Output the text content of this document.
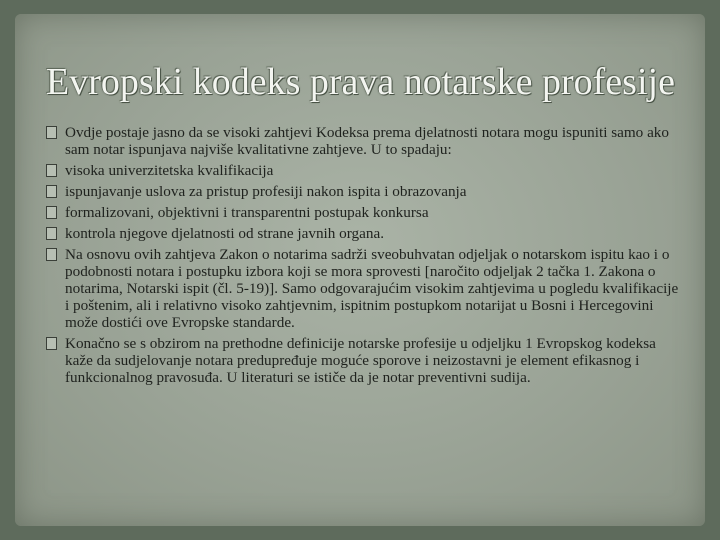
Evropski kodeks prava notarske profesije
Ovdje postaje jasno da se visoki zahtjevi Kodeksa prema djelatnosti notara mogu ispuniti samo ako sam notar ispunjava najviše kvalitativne zahtjeve. U to spadaju:
visoka univerzitetska kvalifikacija
ispunjavanje uslova za pristup profesiji nakon ispita i obrazovanja
formalizovani, objektivni i transparentni postupak konkursa
kontrola njegove djelatnosti od strane javnih organa.
Na osnovu ovih zahtjeva Zakon o notarima sadrži sveobuhvatan odjeljak o notarskom ispitu kao i o podobnosti notara i postupku izbora koji se mora sprovesti [naročito odjeljak 2 tačka 1. Zakona o notarima, Notarski ispit (čl. 5-19)]. Samo odgovarajućim visokim zahtjevima u pogledu kvalifikacije i poštenim, ali i relativno visoko zahtjevnim, ispitnim postupkom notarijat u Bosni i Hercegovini može dostići ove Evropske standarde.
Konačno se s obzirom na prethodne definicije notarske profesije u odjeljku 1 Evropskog kodeksa kaže da sudjelovanje notara predupređuje moguće sporove i neizostavni je element efikasnog i funkcionalnog pravosuđa. U literaturi se ističe da je notar preventivni sudija.
